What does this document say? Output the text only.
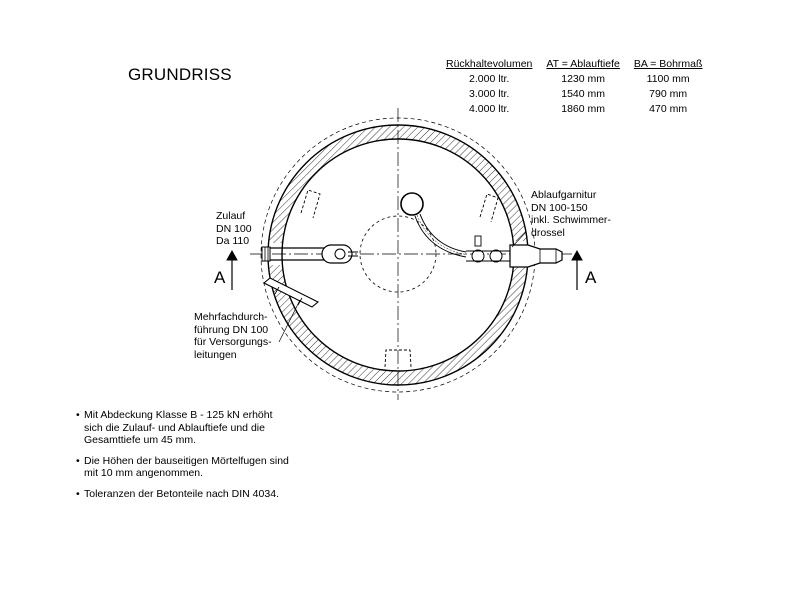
GRUNDRISS
Rückhaltevolumen	AT = Ablauftiefe	BA = Bohrmaß
2.000 ltr.	1230 mm	1100 mm
3.000 ltr.	1540 mm	790 mm
4.000 ltr.	1860 mm	470 mm
Zulauf
DN 100
Da 110
Ablaufgarnitur
DN 100-150
inkl. Schwimmer-
drossel
Mehrfachdurch-
führung DN 100
für Versorgungs-
leitungen
A	A
• Mit Abdeckung Klasse B - 125 kN erhöht
sich die Zulauf- und Ablauftiefe und die
Gesamttiefe um 45 mm.
• Die Höhen der bauseitigen Mörtelfugen sind
mit 10 mm angenommen.
• Toleranzen der Betonteile nach DIN 4034.
